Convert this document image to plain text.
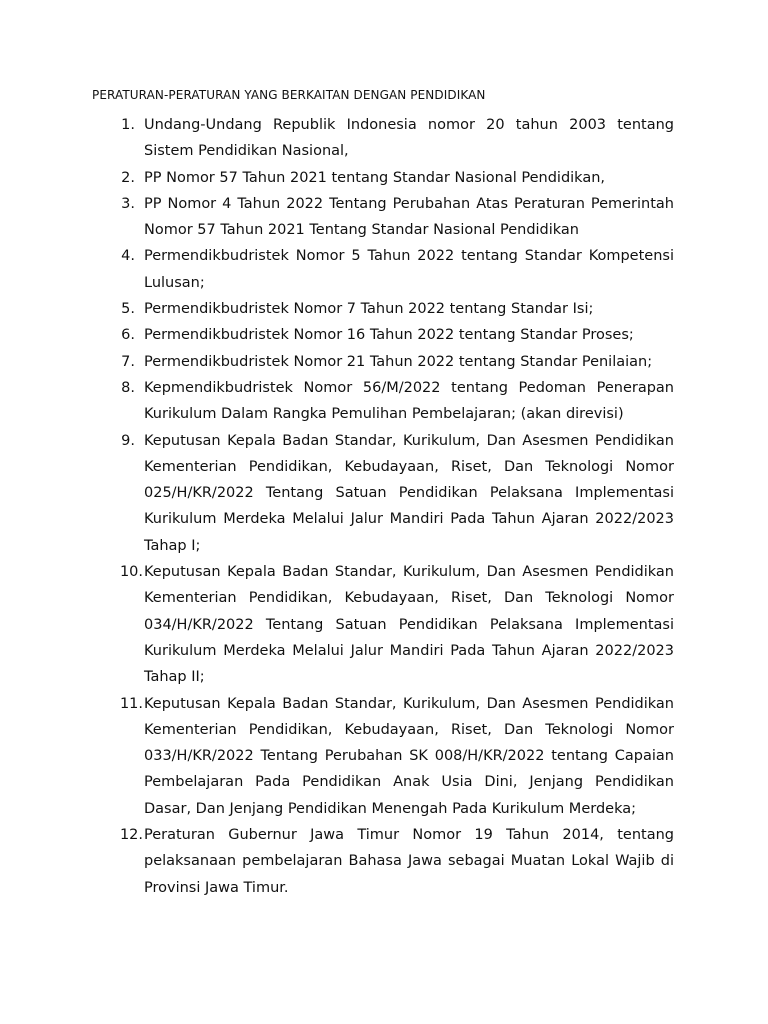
PERATURAN-PERATURAN YANG BERKAITAN DENGAN PENDIDIKAN
1. Undang-Undang Republik Indonesia nomor 20 tahun 2003 tentang Sistem Pendidikan Nasional,
2. PP Nomor 57 Tahun 2021 tentang Standar Nasional Pendidikan,
3. PP Nomor 4 Tahun 2022 Tentang Perubahan Atas Peraturan Pemerintah Nomor 57 Tahun 2021 Tentang Standar Nasional Pendidikan
4. Permendikbudristek Nomor 5 Tahun 2022 tentang Standar Kompetensi Lulusan;
5. Permendikbudristek Nomor 7 Tahun 2022 tentang Standar Isi;
6. Permendikbudristek Nomor 16 Tahun 2022 tentang Standar Proses;
7. Permendikbudristek Nomor 21 Tahun 2022 tentang Standar Penilaian;
8. Kepmendikbudristek Nomor 56/M/2022 tentang Pedoman Penerapan Kurikulum Dalam Rangka Pemulihan Pembelajaran; (akan direvisi)
9. Keputusan Kepala Badan Standar, Kurikulum, Dan Asesmen Pendidikan Kementerian Pendidikan, Kebudayaan, Riset, Dan Teknologi Nomor 025/H/KR/2022 Tentang Satuan Pendidikan Pelaksana Implementasi Kurikulum Merdeka Melalui Jalur Mandiri Pada Tahun Ajaran 2022/2023 Tahap I;
10. Keputusan Kepala Badan Standar, Kurikulum, Dan Asesmen Pendidikan Kementerian Pendidikan, Kebudayaan, Riset, Dan Teknologi Nomor 034/H/KR/2022 Tentang Satuan Pendidikan Pelaksana Implementasi Kurikulum Merdeka Melalui Jalur Mandiri Pada Tahun Ajaran 2022/2023 Tahap II;
11. Keputusan Kepala Badan Standar, Kurikulum, Dan Asesmen Pendidikan Kementerian Pendidikan, Kebudayaan, Riset, Dan Teknologi Nomor 033/H/KR/2022 Tentang Perubahan SK 008/H/KR/2022 tentang Capaian Pembelajaran Pada Pendidikan Anak Usia Dini, Jenjang Pendidikan Dasar, Dan Jenjang Pendidikan Menengah Pada Kurikulum Merdeka;
12. Peraturan Gubernur Jawa Timur Nomor 19 Tahun 2014, tentang pelaksanaan pembelajaran Bahasa Jawa sebagai Muatan Lokal Wajib di Provinsi Jawa Timur.
